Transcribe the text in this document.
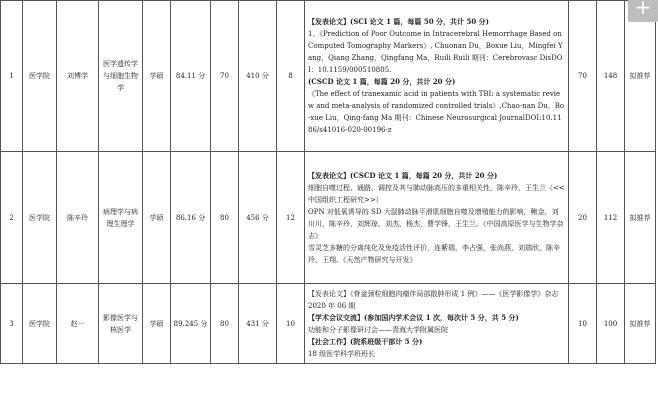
1	医学院	刘博学	医学遗传学与细胞生物学	学硕	84.11 分	70	410 分	8	【发表论文】(SCI 论文 1 篇，每篇 50 分，共计 50 分)
1、《Prediction of Poor Outcome in Intracerebral Hemorrhage Based on Computed Tomography Markers》, Chuonan Du，Boxue Liu，Mingfei Yang，Qiang Zhang，Qingfang Ma，Ruili Ruili 期刊：Cerebrovasc DisDOI：10.1159/000510805.
(CSCD 论文 1 篇，每篇 20 分，共计 20 分)
《The effect of tranexamic acid in patients with TBI: a systematic review and meta-analysis of randomized controlled trials》,Chao-nan Du，Bo-xue Liu，Qing-fang Ma 期刊：Chinese Neurosurgical JournalDOI:10.1186/s41016-020-00196-z	70	148	拟推荐
2	医学院	陈辛玲	病理学与病理生理学	学硕	86.16 分	80	456 分	12	【发表论文】(CSCD 论文 1 篇，每篇 20 分，共计 20 分)
细胞自噬过程、通路、调控及其与肺动脉高压的多重相关性，陈辛玲，王生兰（<<中国组织工程研究>>）
OPN 对低氧诱导的 SD 大鼠肺动脉平滑肌细胞自噬及增殖能力的影响，鲍金，刘川川，陈辛玲，刘辉琼，刘杰，杨杰，曹学锋，王生兰。《中国高原医学与生物学杂志》
雪灵芝多糖的分离纯化及免疫活性评价，连紫瑞，李占强，张尚燕，刘瑞欣，陈辛玲，王翔。《天然产物研究与开发》	20	112	拟推荐
3	医学院	赵一	影像医学与核医学	学硕	89.245 分	80	431 分	10	【发表论文】《脊盆颈粒细胞肉瘤伴局部散肿形成 1 例》——《医学影像学》杂志 2020 年 06 期
【学术会议交流】(参加国内学术会议 1 次，每次计 5 分，共 5 分)
功能和分子影像研讨会——青海大学附属医院
【社会工作】(院系班级干部计 5 分)
18 级医学科学班班长	10	100	拟推荐
+
